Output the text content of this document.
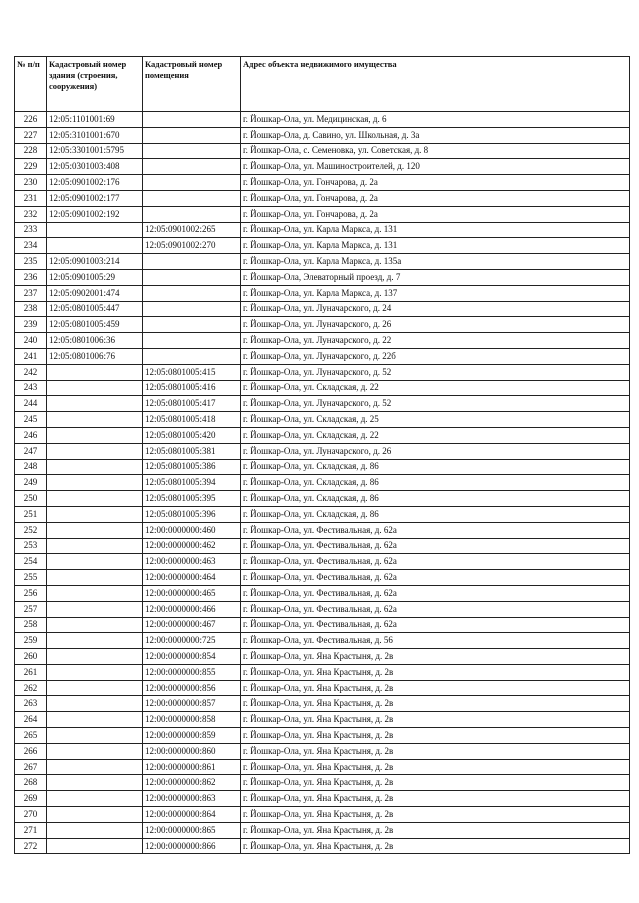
№ п/п	Кадастровый номер здания (строения, сооружения)	Кадастровый номер помещения	Адрес объекта недвижимого имущества
226	12:05:1101001:69		г. Йошкар-Ола, ул. Медицинская, д. 6
227	12:05:3101001:670		г. Йошкар-Ола, д. Савино, ул. Школьная, д. 3а
228	12:05:3301001:5795		г. Йошкар-Ола, с. Семеновка, ул. Советская, д. 8
229	12:05:0301003:408		г. Йошкар-Ола, ул. Машиностроителей, д. 120
230	12:05:0901002:176		г. Йошкар-Ола, ул. Гончарова, д. 2а
231	12:05:0901002:177		г. Йошкар-Ола, ул. Гончарова, д. 2а
232	12:05:0901002:192		г. Йошкар-Ола, ул. Гончарова, д. 2а
233		12:05:0901002:265	г. Йошкар-Ола, ул. Карла Маркса, д. 131
234		12:05:0901002:270	г. Йошкар-Ола, ул. Карла Маркса, д. 131
235	12:05:0901003:214		г. Йошкар-Ола, ул. Карла Маркса, д. 135а
236	12:05:0901005:29		г. Йошкар-Ола, Элеваторный проезд, д. 7
237	12:05:0902001:474		г. Йошкар-Ола, ул. Карла Маркса, д. 137
238	12:05:0801005:447		г. Йошкар-Ола, ул. Луначарского, д. 24
239	12:05:0801005:459		г. Йошкар-Ола, ул. Луначарского, д. 26
240	12:05:0801006:36		г. Йошкар-Ола, ул. Луначарского, д. 22
241	12:05:0801006:76		г. Йошкар-Ола, ул. Луначарского, д. 22б
242		12:05:0801005:415	г. Йошкар-Ола, ул. Луначарского, д. 52
243		12:05:0801005:416	г. Йошкар-Ола, ул. Складская, д. 22
244		12:05:0801005:417	г. Йошкар-Ола, ул. Луначарского, д. 52
245		12:05:0801005:418	г. Йошкар-Ола, ул. Складская, д. 25
246		12:05:0801005:420	г. Йошкар-Ола, ул. Складская, д. 22
247		12:05:0801005:381	г. Йошкар-Ола, ул. Луначарского, д. 26
248		12:05:0801005:386	г. Йошкар-Ола, ул. Складская, д. 86
249		12:05:0801005:394	г. Йошкар-Ола, ул. Складская, д. 86
250		12:05:0801005:395	г. Йошкар-Ола, ул. Складская, д. 86
251		12:05:0801005:396	г. Йошкар-Ола, ул. Складская, д. 86
252		12:00:0000000:460	г. Йошкар-Ола, ул. Фестивальная, д. 62а
253		12:00:0000000:462	г. Йошкар-Ола, ул. Фестивальная, д. 62а
254		12:00:0000000:463	г. Йошкар-Ола, ул. Фестивальная, д. 62а
255		12:00:0000000:464	г. Йошкар-Ола, ул. Фестивальная, д. 62а
256		12:00:0000000:465	г. Йошкар-Ола, ул. Фестивальная, д. 62а
257		12:00:0000000:466	г. Йошкар-Ола, ул. Фестивальная, д. 62а
258		12:00:0000000:467	г. Йошкар-Ола, ул. Фестивальная, д. 62а
259		12:00:0000000:725	г. Йошкар-Ола, ул. Фестивальная, д. 56
260		12:00:0000000:854	г. Йошкар-Ола, ул. Яна Крастыня, д. 2в
261		12:00:0000000:855	г. Йошкар-Ола, ул. Яна Крастыня, д. 2в
262		12:00:0000000:856	г. Йошкар-Ола, ул. Яна Крастыня, д. 2в
263		12:00:0000000:857	г. Йошкар-Ола, ул. Яна Крастыня, д. 2в
264		12:00:0000000:858	г. Йошкар-Ола, ул. Яна Крастыня, д. 2в
265		12:00:0000000:859	г. Йошкар-Ола, ул. Яна Крастыня, д. 2в
266		12:00:0000000:860	г. Йошкар-Ола, ул. Яна Крастыня, д. 2в
267		12:00:0000000:861	г. Йошкар-Ола, ул. Яна Крастыня, д. 2в
268		12:00:0000000:862	г. Йошкар-Ола, ул. Яна Крастыня, д. 2в
269		12:00:0000000:863	г. Йошкар-Ола, ул. Яна Крастыня, д. 2в
270		12:00:0000000:864	г. Йошкар-Ола, ул. Яна Крастыня, д. 2в
271		12:00:0000000:865	г. Йошкар-Ола, ул. Яна Крастыня, д. 2в
272		12:00:0000000:866	г. Йошкар-Ола, ул. Яна Крастыня, д. 2в
